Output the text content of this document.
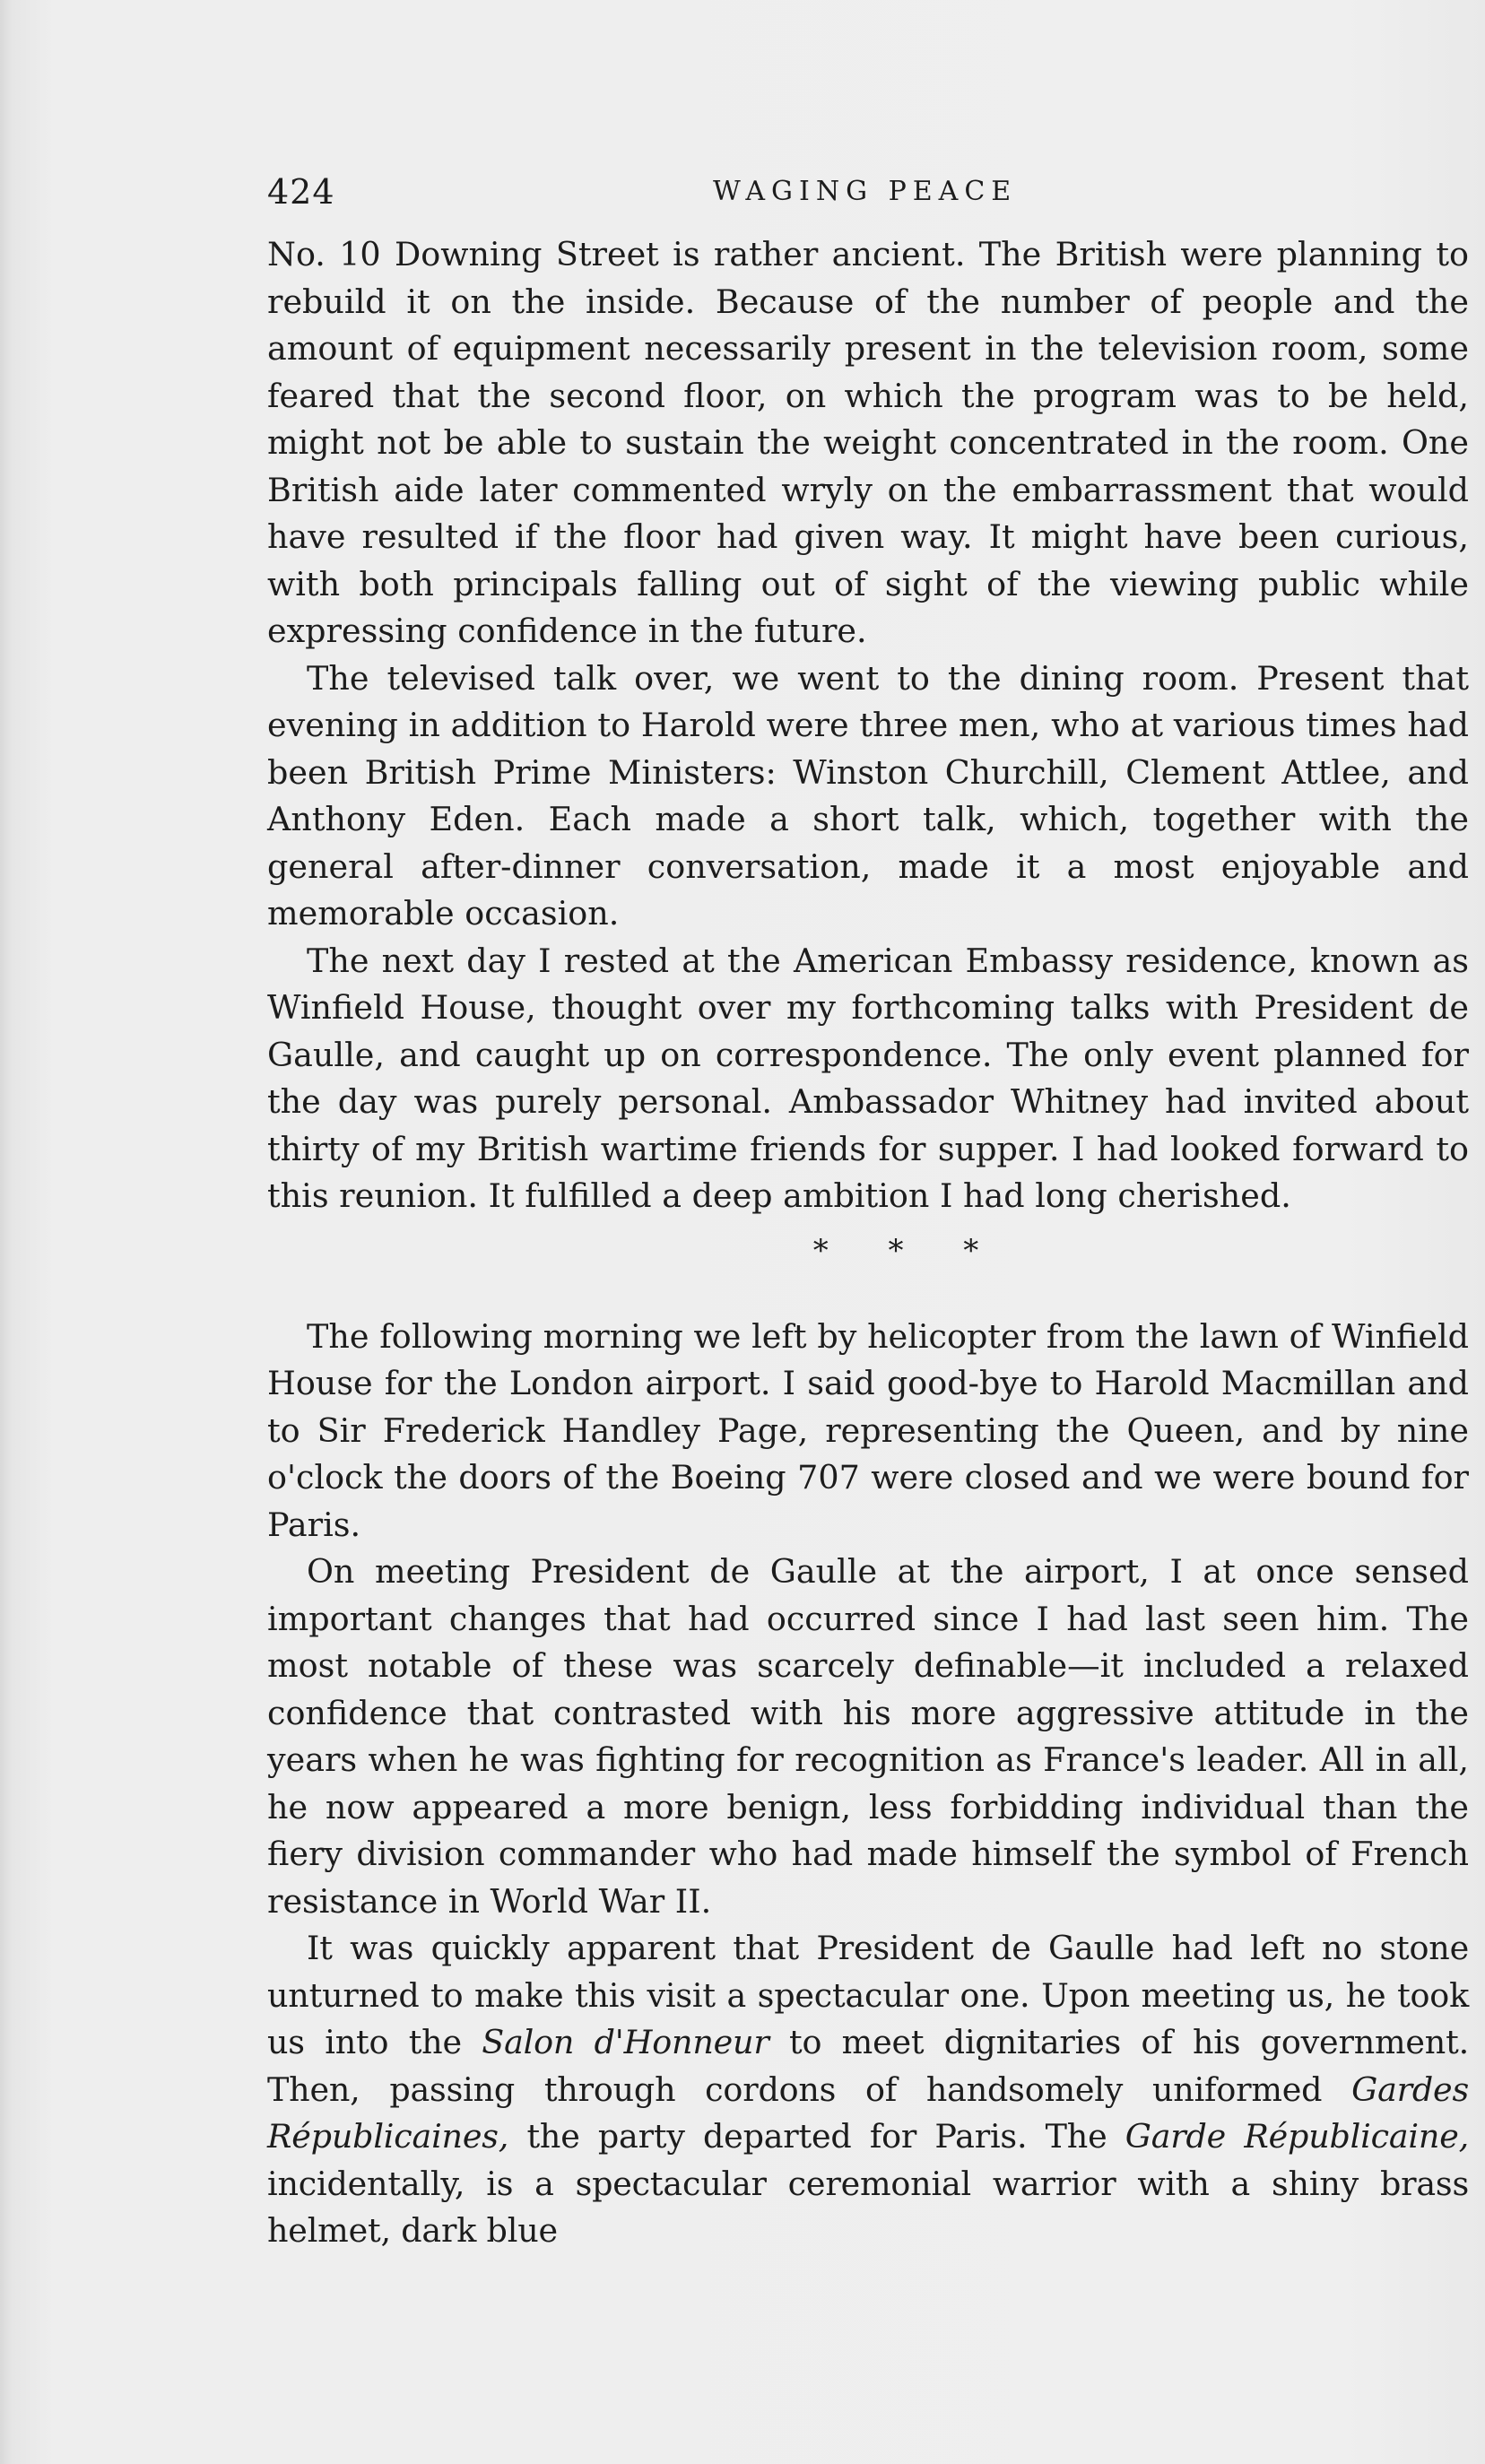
424	WAGING PEACE

No. 10 Downing Street is rather ancient. The British were planning to rebuild it on the inside. Because of the number of people and the amount of equipment necessarily present in the television room, some feared that the second floor, on which the program was to be held, might not be able to sustain the weight concentrated in the room. One British aide later commented wryly on the embarrassment that would have resulted if the floor had given way. It might have been curious, with both principals falling out of sight of the viewing public while expressing confidence in the future.

The televised talk over, we went to the dining room. Present that evening in addition to Harold were three men, who at various times had been British Prime Ministers: Winston Churchill, Clement Attlee, and Anthony Eden. Each made a short talk, which, together with the general after-dinner conversation, made it a most enjoyable and memorable occasion.

The next day I rested at the American Embassy residence, known as Winfield House, thought over my forthcoming talks with President de Gaulle, and caught up on correspondence. The only event planned for the day was purely personal. Ambassador Whitney had invited about thirty of my British wartime friends for supper. I had looked forward to this reunion. It fulfilled a deep ambition I had long cherished.

* * *

The following morning we left by helicopter from the lawn of Winfield House for the London airport. I said good-bye to Harold Macmillan and to Sir Frederick Handley Page, representing the Queen, and by nine o'clock the doors of the Boeing 707 were closed and we were bound for Paris.

On meeting President de Gaulle at the airport, I at once sensed important changes that had occurred since I had last seen him. The most notable of these was scarcely definable—it included a relaxed confidence that contrasted with his more aggressive attitude in the years when he was fighting for recognition as France's leader. All in all, he now appeared a more benign, less forbidding individual than the fiery division commander who had made himself the symbol of French resistance in World War II.

It was quickly apparent that President de Gaulle had left no stone unturned to make this visit a spectacular one. Upon meeting us, he took us into the Salon d'Honneur to meet dignitaries of his government. Then, passing through cordons of handsomely uniformed Gardes Républicaines, the party departed for Paris. The Garde Républicaine, incidentally, is a spectacular ceremonial warrior with a shiny brass helmet, dark blue
